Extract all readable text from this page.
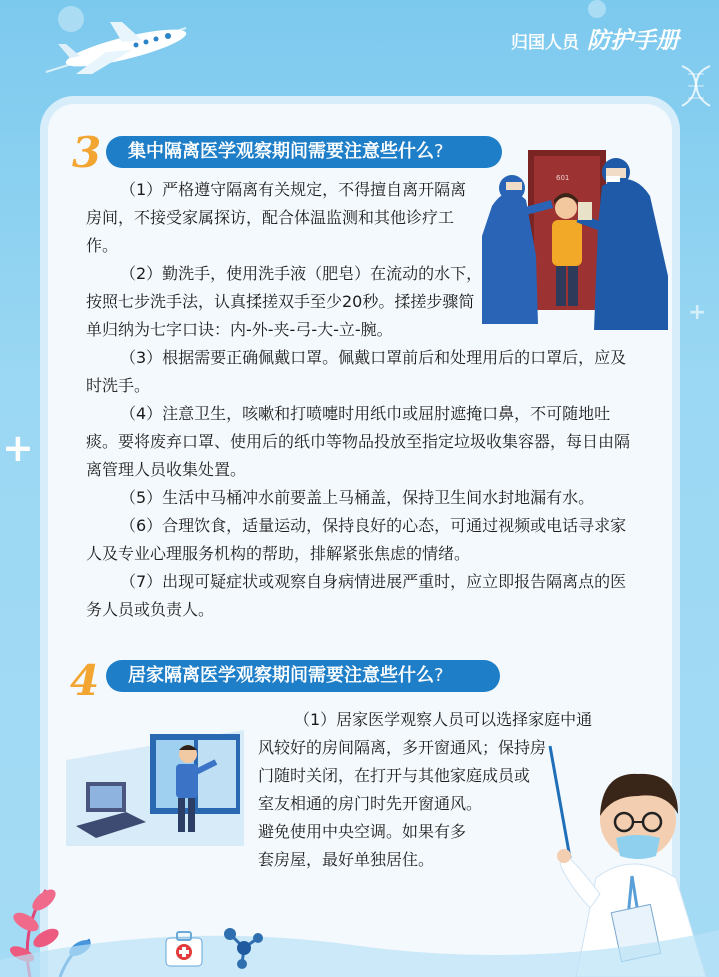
+
+
归国人员 防护手册
3	集中隔离医学观察期间需要注意些什么?
601

（1）严格遵守隔离有关规定，不得擅自离开隔离房间，不接受家属探访，配合体温监测和其他诊疗工作。

（2）勤洗手，使用洗手液（肥皂）在流动的水下，按照七步洗手法，认真揉搓双手至少20秒。揉搓步骤简单归纳为七字口诀：内-外-夹-弓-大-立-腕。

（3）根据需要正确佩戴口罩。佩戴口罩前后和处理用后的口罩后，应及时洗手。

（4）注意卫生，咳嗽和打喷嚏时用纸巾或屈肘遮掩口鼻，不可随地吐痰。要将废弃口罩、使用后的纸巾等物品投放至指定垃圾收集容器，每日由隔离管理人员收集处置。

（5）生活中马桶冲水前要盖上马桶盖，保持卫生间水封地漏有水。

（6）合理饮食，适量运动，保持良好的心态，可通过视频或电话寻求家人及专业心理服务机构的帮助，排解紧张焦虑的情绪。

（7）出现可疑症状或观察自身病情进展严重时，应立即报告隔离点的医务人员或负责人。

4	居家隔离医学观察期间需要注意些什么?

（1）居家医学观察人员可以选择家庭中通

风较好的房间隔离，多开窗通风；保持房

门随时关闭，在打开与其他家庭成员或

室友相通的房门时先开窗通风。

避免使用中央空调。如果有多

套房屋，最好单独居住。
